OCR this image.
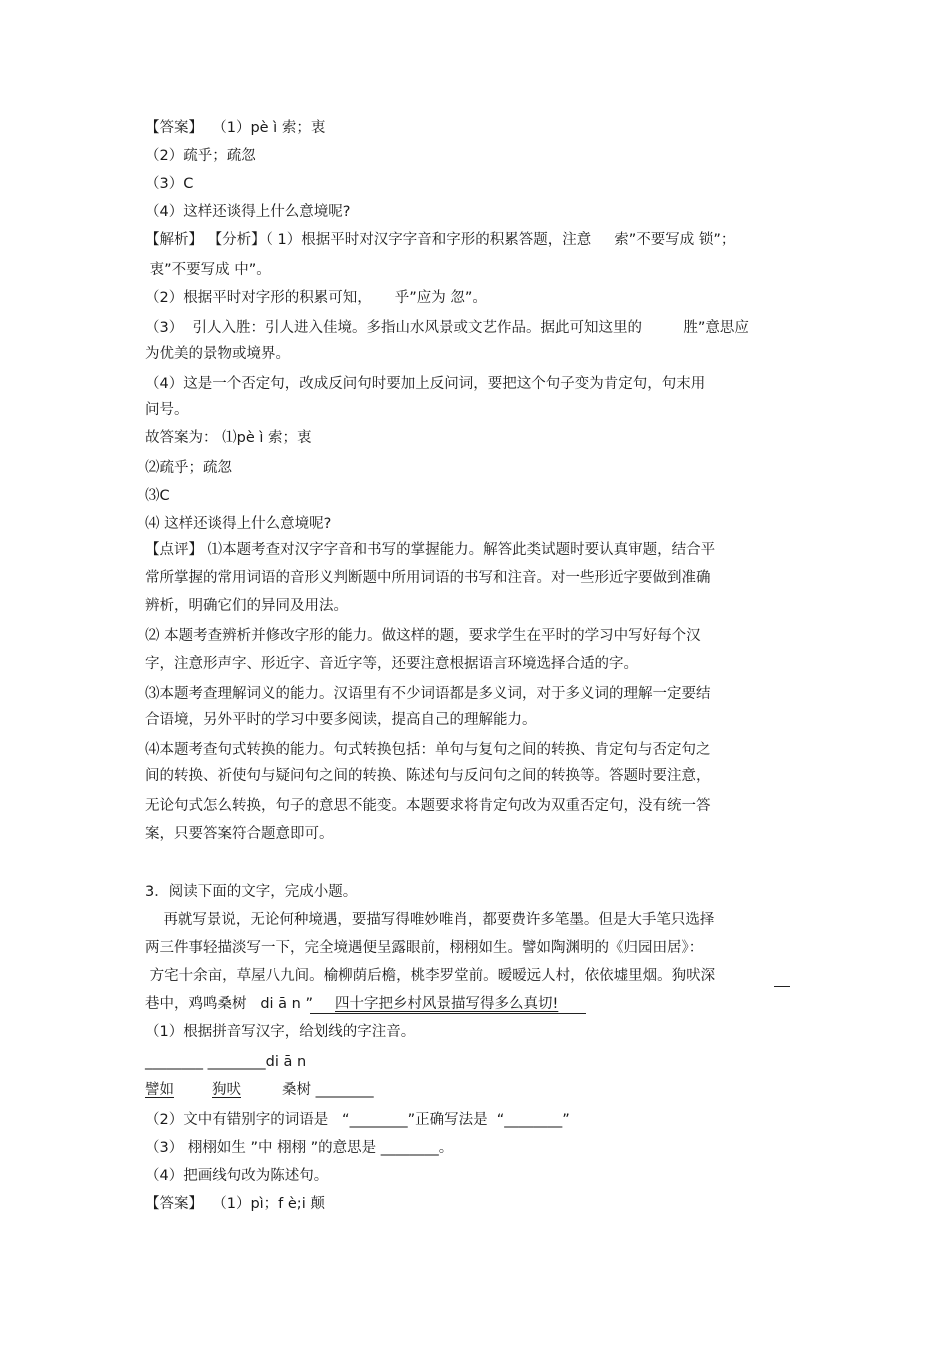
【答案】  （1）pè ì 索；衷
（2）疏乎；疏忽
（3）C
（4）这样还谈得上什么意境呢?
【解析】 【分析】（ 1）根据平时对汉字字音和字形的积累答题，注意     索”不要写成 锁”；
衷”不要写成 中”。
（2）根据平时对字形的积累可知，     乎”应为 忽”。
（3）  引人入胜：引人进入佳境。多指山水风景或文艺作品。据此可知这里的         胜”意思应
为优美的景物或境界。
（4）这是一个否定句，改成反问句时要加上反问词，要把这个句子变为肯定句，句末用
问号。
故答案为： ⑴pè ì 索；衷
⑵疏乎；疏忽
⑶C
⑷ 这样还谈得上什么意境呢?
【点评】 ⑴本题考查对汉字字音和书写的掌握能力。解答此类试题时要认真审题，结合平
常所掌握的常用词语的音形义判断题中所用词语的书写和注音。对一些形近字要做到准确
辨析，明确它们的异同及用法。
⑵ 本题考查辨析并修改字形的能力。做这样的题，要求学生在平时的学习中写好每个汉
字，注意形声字、形近字、音近字等，还要注意根据语言环境选择合适的字。
⑶本题考查理解词义的能力。汉语里有不少词语都是多义词，对于多义词的理解一定要结
合语境，另外平时的学习中要多阅读，提高自己的理解能力。
⑷本题考查句式转换的能力。句式转换包括：单句与复句之间的转换、肯定句与否定句之
间的转换、祈使句与疑问句之间的转换、陈述句与反问句之间的转换等。答题时要注意，
无论句式怎么转换，句子的意思不能变。本题要求将肯定句改为双重否定句，没有统一答
案，只要答案符合题意即可。
3．阅读下面的文字，完成小题。
再就写景说，无论何种境遇，要描写得唯妙唯肖，都要费许多笔墨。但是大手笔只选择
两三件事轻描淡写一下，完全境遇便呈露眼前，栩栩如生。譬如陶渊明的《归园田居》：
方宅十余亩，草屋八九间。榆柳荫后檐，桃李罗堂前。暧暧远人村，依依墟里烟。狗吠深
巷中，鸡鸣桑树   di ā n ” 四十字把乡村风景描写得多么真切!
（1）根据拼音写汉字，给划线的字注音。
________ ________di ā n
譬如	狗吠	桑树 ________
（2）文中有错别字的词语是   “________”正确写法是  “________”
（3） 栩栩如生 ”中 栩栩 ”的意思是 ________。
（4）把画线句改为陈述句。
【答案】  （1）pì；f è;i 颠
